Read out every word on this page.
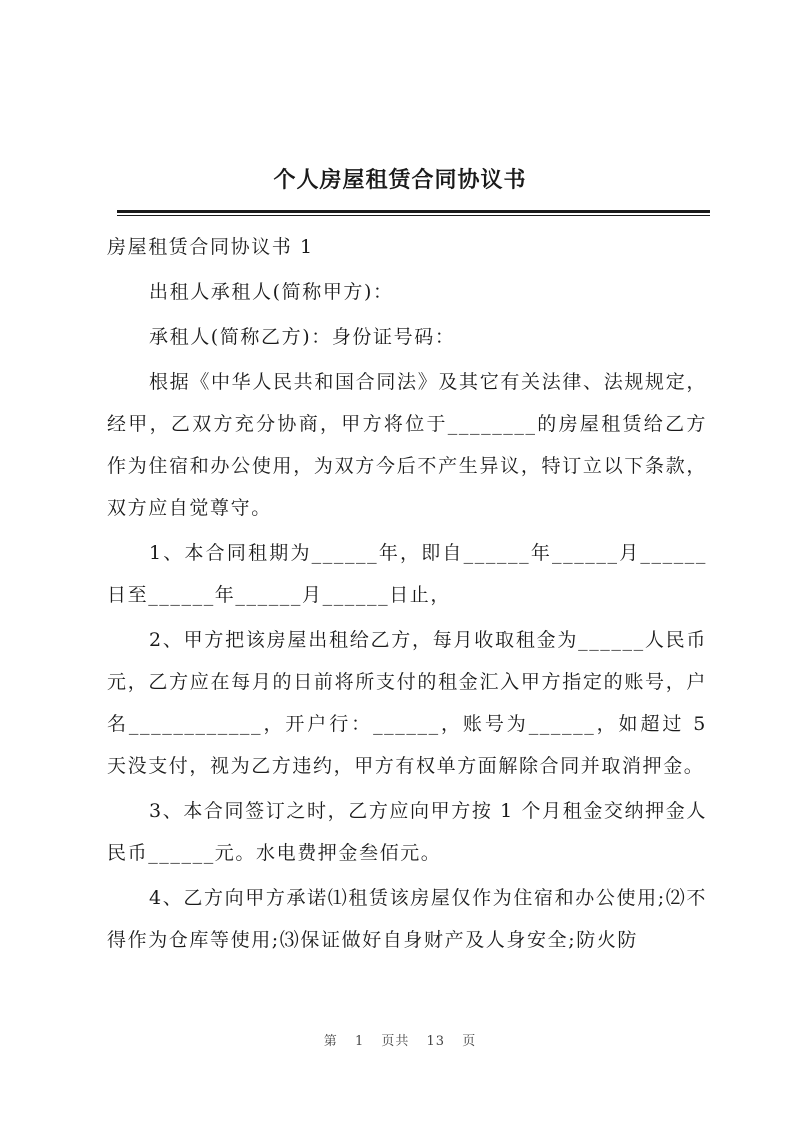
个人房屋租赁合同协议书

房屋租赁合同协议书 1

出租人承租人(简称甲方)：

承租人(简称乙方)：身份证号码：

根据《中华人民共和国合同法》及其它有关法律、法规规定，经甲，乙双方充分协商，甲方将位于________的房屋租赁给乙方作为住宿和办公使用，为双方今后不产生异议，特订立以下条款，双方应自觉尊守。

1、本合同租期为______年，即自______年______月______日至______年______月______日止，

2、甲方把该房屋出租给乙方，每月收取租金为______人民币元，乙方应在每月的日前将所支付的租金汇入甲方指定的账号，户名____________，开户行：______，账号为______，如超过 5 天没支付，视为乙方违约，甲方有权单方面解除合同并取消押金。

3、本合同签订之时，乙方应向甲方按 1 个月租金交纳押金人民币______元。水电费押金叁佰元。

4、乙方向甲方承诺⑴租赁该房屋仅作为住宿和办公使用;⑵不得作为仓库等使用;⑶保证做好自身财产及人身安全;防火防

第 1 页共 13 页
